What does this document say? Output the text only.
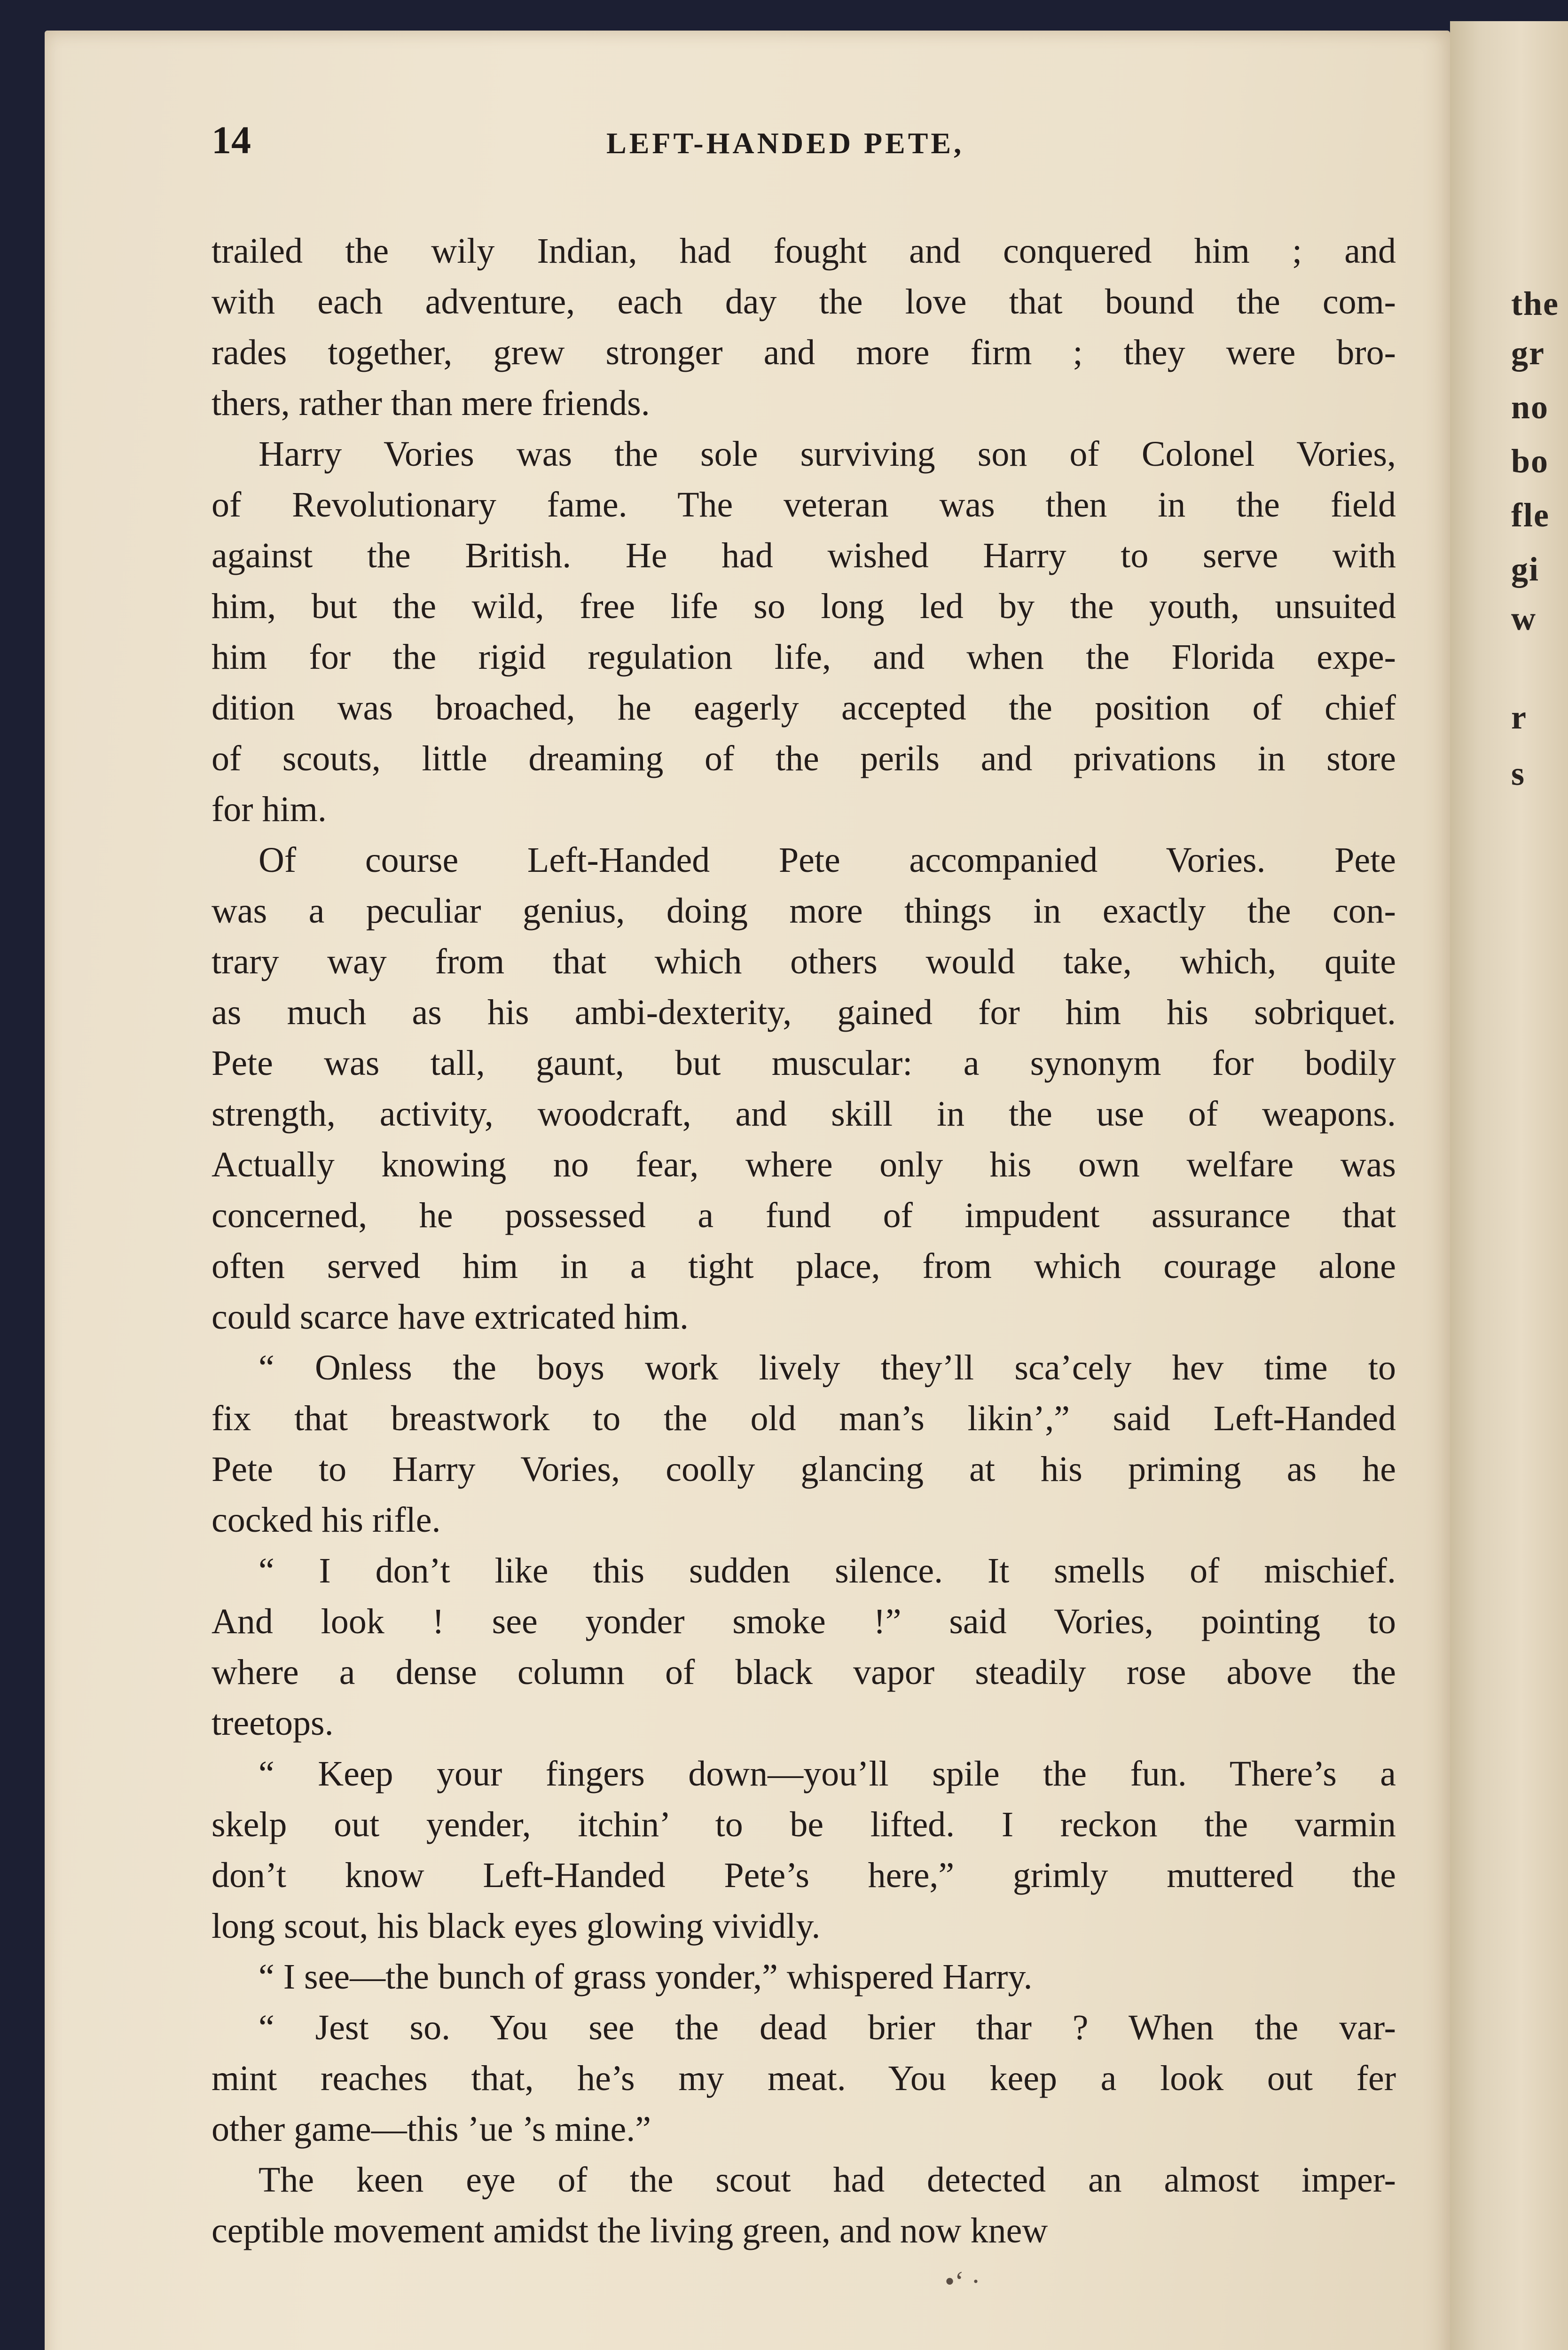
the
gr
no
bo
fle
gi
w
r
s
14	LEFT-HANDED PETE,
trailed the wily Indian, had fought and conquered him ; and
with each adventure, each day the love that bound the com-
rades together, grew stronger and more firm ; they were bro-
thers, rather than mere friends.
Harry Vories was the sole surviving son of Colonel Vories,
of Revolutionary fame. The veteran was then in the field
against the British. He had wished Harry to serve with
him, but the wild, free life so long led by the youth, unsuited
him for the rigid regulation life, and when the Florida expe-
dition was broached, he eagerly accepted the position of chief
of scouts, little dreaming of the perils and privations in store
for him.
Of course Left-Handed Pete accompanied Vories. Pete
was a peculiar genius, doing more things in exactly the con-
trary way from that which others would take, which, quite
as much as his ambi-dexterity, gained for him his sobriquet.
Pete was tall, gaunt, but muscular: a synonym for bodily
strength, activity, woodcraft, and skill in the use of weapons.
Actually knowing no fear, where only his own welfare was
concerned, he possessed a fund of impudent assurance that
often served him in a tight place, from which courage alone
could scarce have extricated him.
“ Onless the boys work lively they’ll sca’cely hev time to
fix that breastwork to the old man’s likin’,” said Left-Handed
Pete to Harry Vories, coolly glancing at his priming as he
cocked his rifle.
“ I don’t like this sudden silence. It smells of mischief.
And look ! see yonder smoke !” said Vories, pointing to
where a dense column of black vapor steadily rose above the
treetops.
“ Keep your fingers down—you’ll spile the fun. There’s a
skelp out yender, itchin’ to be lifted. I reckon the varmin
don’t know Left-Handed Pete’s here,” grimly muttered the
long scout, his black eyes glowing vividly.
“ I see—the bunch of grass yonder,” whispered Harry.
“ Jest so. You see the dead brier thar ? When the var-
mint reaches that, he’s my meat. You keep a look out fer
other game—this ’ue ’s mine.”
The keen eye of the scout had detected an almost imper-
ceptible movement amidst the living green, and now knew
•‘ ·
